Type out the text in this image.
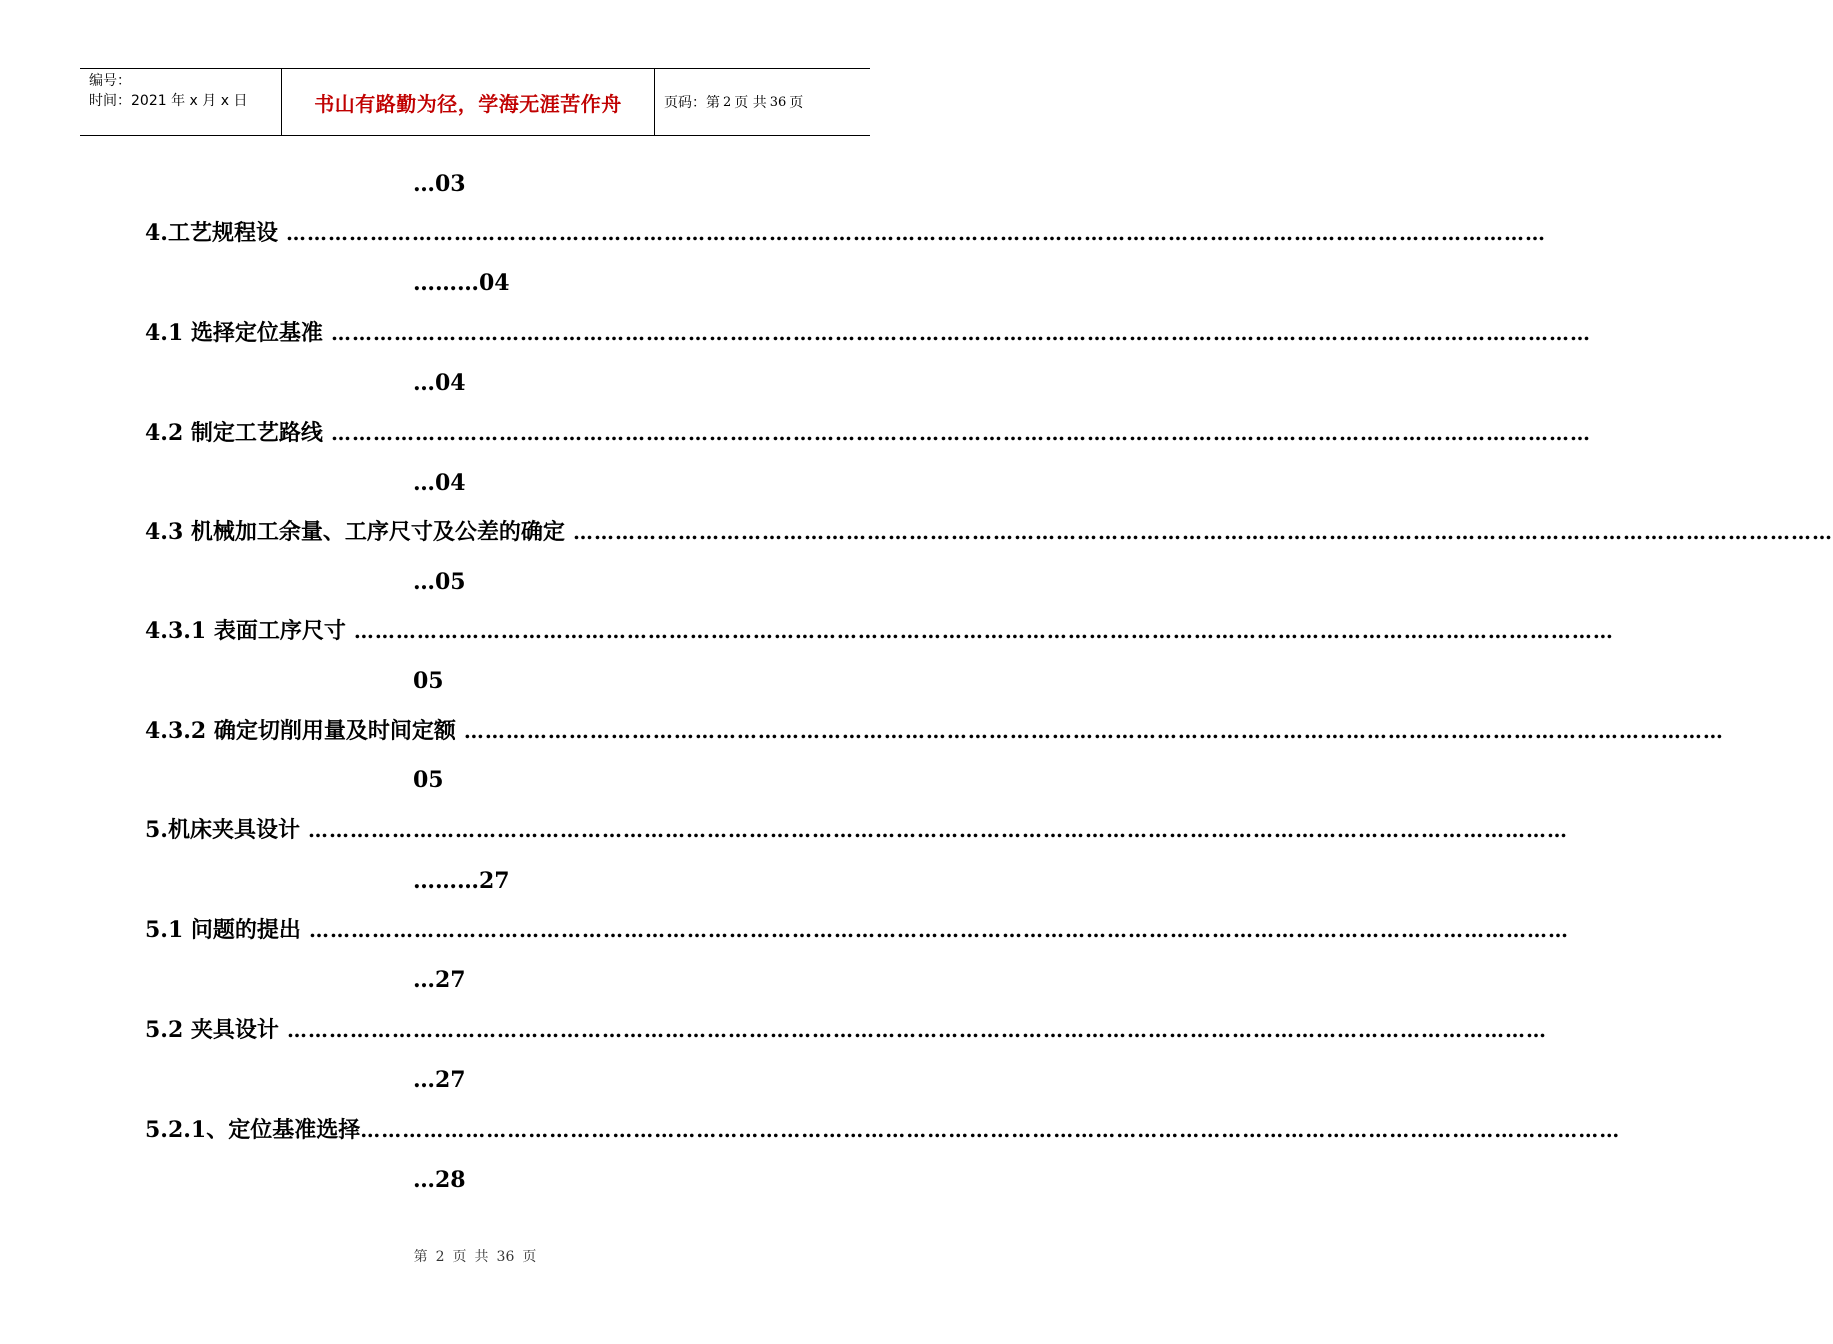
编号：
时间：2021 年 x 月 x 日	书山有路勤为径，学海无涯苦作舟	页码：第 2 页 共 36 页
…03
4.工艺规程设 ………………………………………………………………………………………………………………………………………………………………
………04
4.1 选择定位基准 ………………………………………………………………………………………………………………………………………………………………
…04
4.2 制定工艺路线 ………………………………………………………………………………………………………………………………………………………………
…04
4.3 机械加工余量、工序尺寸及公差的确定 ………………………………………………………………………………………………………………………………………………………………
…05
4.3.1 表面工序尺寸 ………………………………………………………………………………………………………………………………………………………………
05
4.3.2 确定切削用量及时间定额 ………………………………………………………………………………………………………………………………………………………………
05
5.机床夹具设计 ………………………………………………………………………………………………………………………………………………………………
………27
5.1 问题的提出 ………………………………………………………………………………………………………………………………………………………………
…27
5.2 夹具设计 ………………………………………………………………………………………………………………………………………………………………
…27
5.2.1、定位基准选择 ………………………………………………………………………………………………………………………………………………………………
…28
第 2 页 共 36 页
